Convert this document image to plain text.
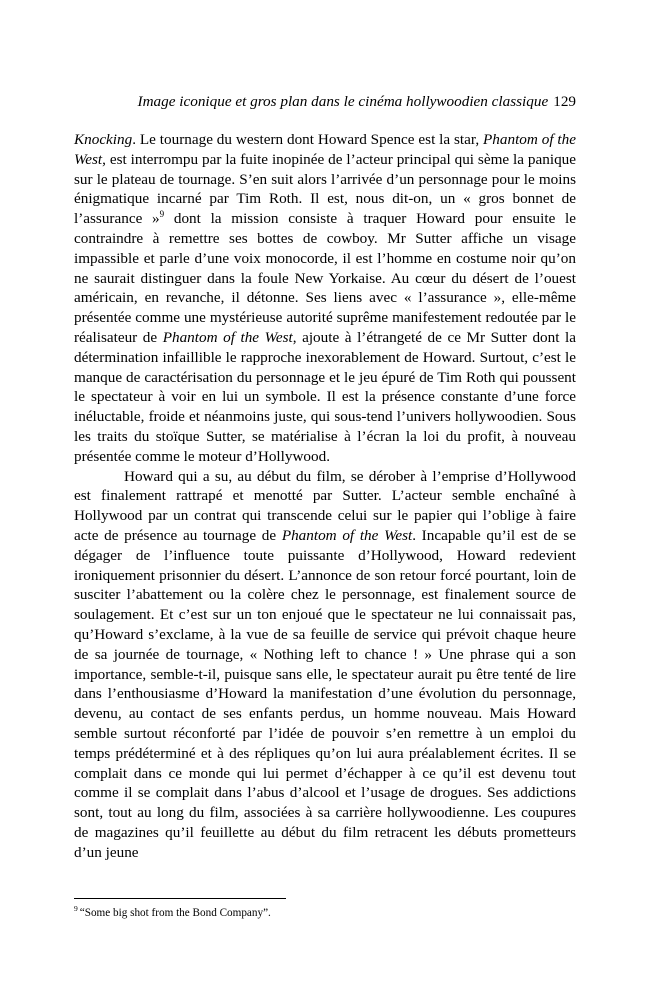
Image iconique et gros plan dans le cinéma hollywoodien classique 129

Knocking. Le tournage du western dont Howard Spence est la star, Phantom of the West, est interrompu par la fuite inopinée de l’acteur principal qui sème la panique sur le plateau de tournage. S’en suit alors l’arrivée d’un personnage pour le moins énigmatique incarné par Tim Roth. Il est, nous dit-on, un « gros bonnet de l’assurance »$^9$ dont la mission consiste à traquer Howard pour ensuite le contraindre à remettre ses bottes de cowboy. Mr Sutter affiche un visage impassible et parle d’une voix monocorde, il est l’homme en costume noir qu’on ne saurait distinguer dans la foule New Yorkaise. Au cœur du désert de l’ouest américain, en revanche, il détonne. Ses liens avec « l’assurance », elle-même présentée comme une mystérieuse autorité suprême manifestement redoutée par le réalisateur de Phantom of the West, ajoute à l’étrangeté de ce Mr Sutter dont la détermination infaillible le rapproche inexorablement de Howard. Surtout, c’est le manque de caractérisation du personnage et le jeu épuré de Tim Roth qui poussent le spectateur à voir en lui un symbole. Il est la présence constante d’une force inéluctable, froide et néanmoins juste, qui sous-tend l’univers hollywoodien. Sous les traits du stoïque Sutter, se matérialise à l’écran la loi du profit, à nouveau présentée comme le moteur d’Hollywood.

Howard qui a su, au début du film, se dérober à l’emprise d’Hollywood est finalement rattrapé et menotté par Sutter. L’acteur semble enchaîné à Hollywood par un contrat qui transcende celui sur le papier qui l’oblige à faire acte de présence au tournage de Phantom of the West. Incapable qu’il est de se dégager de l’influence toute puissante d’Hollywood, Howard redevient ironiquement prisonnier du désert. L’annonce de son retour forcé pourtant, loin de susciter l’abattement ou la colère chez le personnage, est finalement source de soulagement. Et c’est sur un ton enjoué que le spectateur ne lui connaissait pas, qu’Howard s’exclame, à la vue de sa feuille de service qui prévoit chaque heure de sa journée de tournage, « Nothing left to chance ! » Une phrase qui a son importance, semble-t-il, puisque sans elle, le spectateur aurait pu être tenté de lire dans l’enthousiasme d’Howard la manifestation d’une évolution du personnage, devenu, au contact de ses enfants perdus, un homme nouveau. Mais Howard semble surtout réconforté par l’idée de pouvoir s’en remettre à un emploi du temps prédéterminé et à des répliques qu’on lui aura préalablement écrites. Il se complait dans ce monde qui lui permet d’échapper à ce qu’il est devenu tout comme il se complait dans l’abus d’alcool et l’usage de drogues. Ses addictions sont, tout au long du film, associées à sa carrière hollywoodienne. Les coupures de magazines qu’il feuillette au début du film retracent les débuts prometteurs d’un jeune

$^9$ “Some big shot from the Bond Company”.
